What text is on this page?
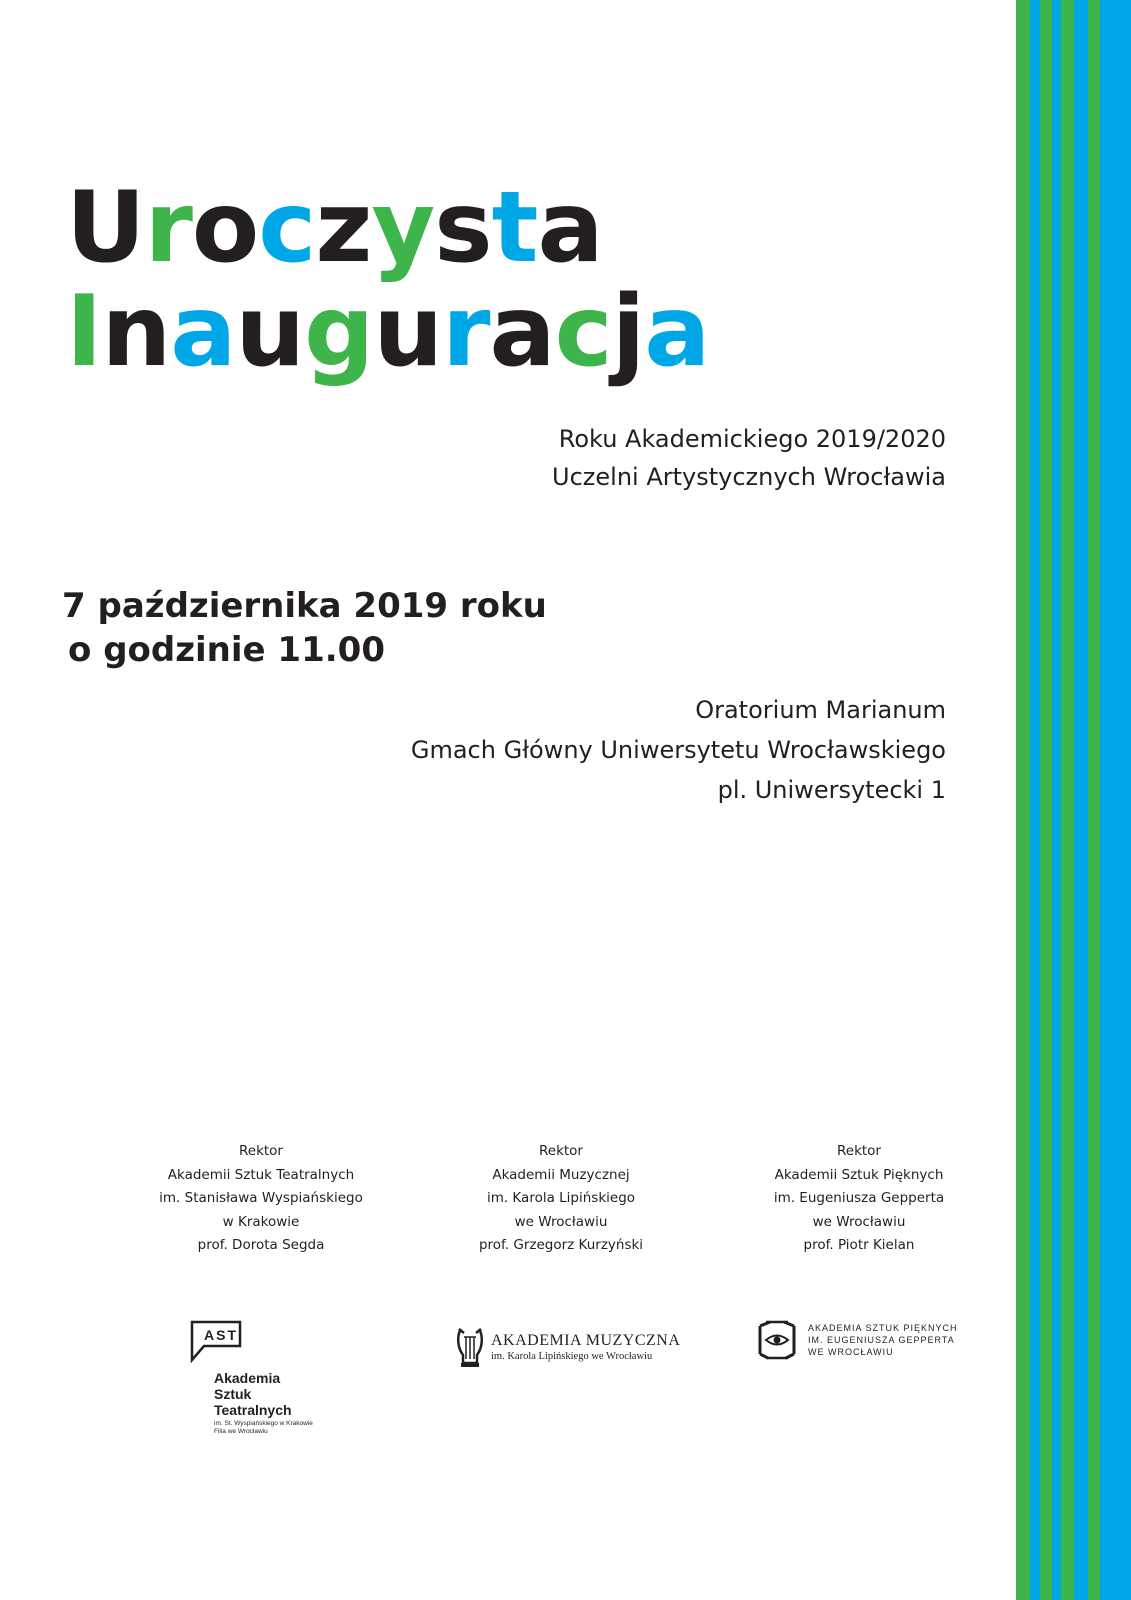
Uroczysta
Inauguracja
Roku Akademickiego 2019/2020
Uczelni Artystycznych Wrocławia
7 października 2019 roku
o godzinie 11.00
Oratorium Marianum
Gmach Główny Uniwersytetu Wrocławskiego
pl. Uniwersytecki 1
Rektor
Akademii Sztuk Teatralnych
im. Stanisława Wyspiańskiego
w Krakowie
prof. Dorota Segda
Rektor
Akademii Muzycznej
im. Karola Lipińskiego
we Wrocławiu
prof. Grzegorz Kurzyński
Rektor
Akademii Sztuk Pięknych
im. Eugeniusza Gepperta
we Wrocławiu
prof. Piotr Kielan
AST
Akademia
Sztuk
Teatralnych
im. St. Wyspiańskiego w Krakowie
Filia we Wrocławiu
AKADEMIA MUZYCZNA
im. Karola Lipińskiego we Wrocławiu
AKADEMIA SZTUK PIĘKNYCH
IM. EUGENIUSZA GEPPERTA
WE WROCŁAWIU
